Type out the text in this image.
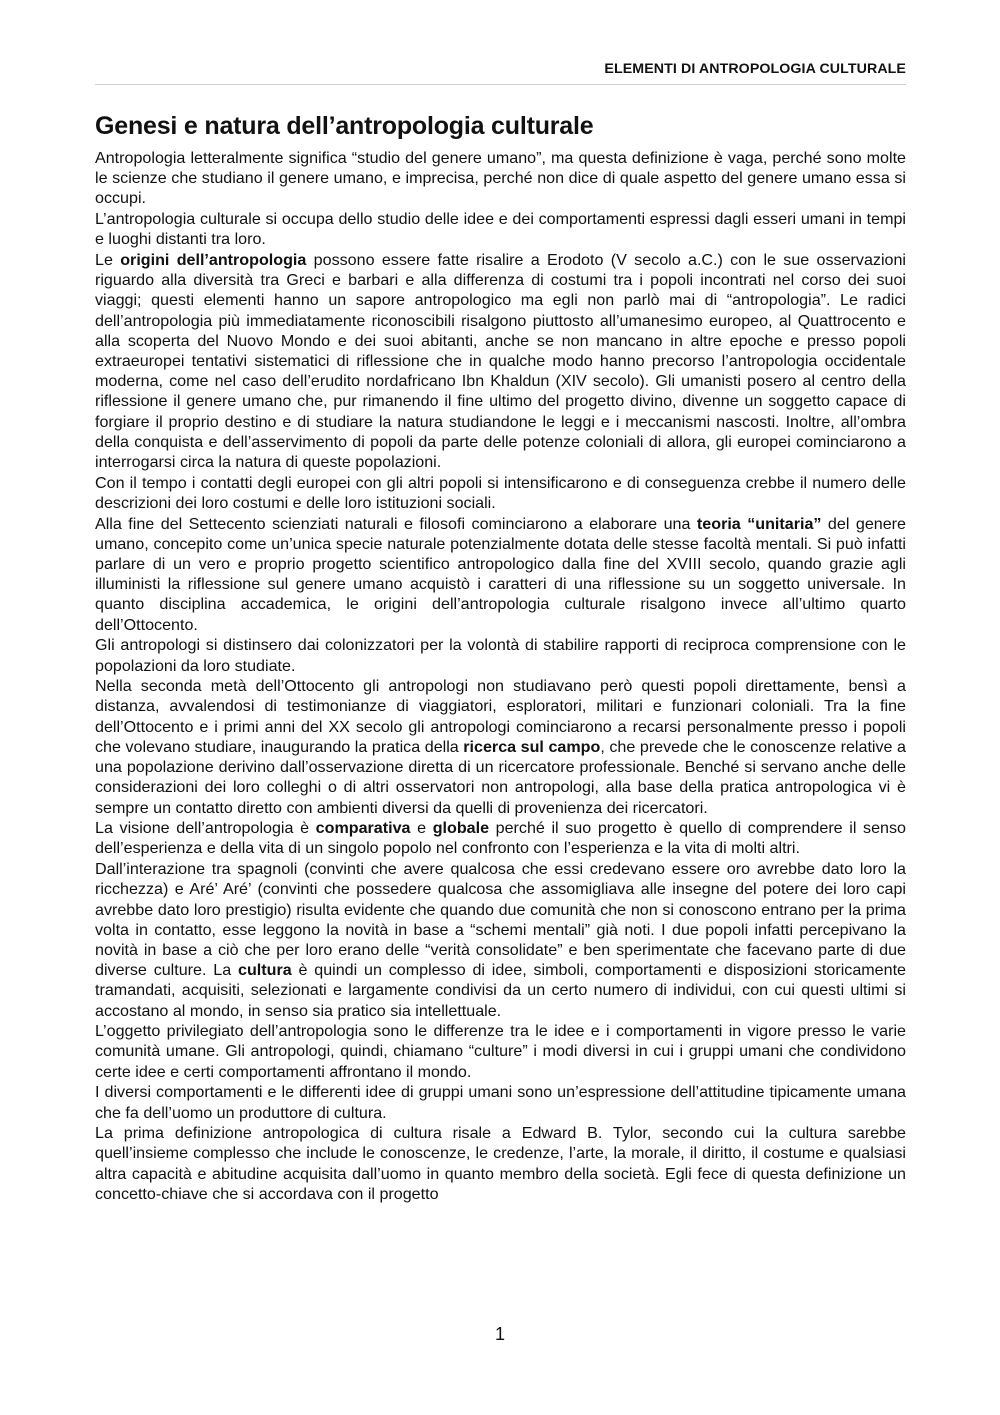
ELEMENTI DI ANTROPOLOGIA CULTURALE
Genesi e natura dell’antropologia culturale

Antropologia letteralmente significa “studio del genere umano”, ma questa definizione è vaga, perché sono molte le scienze che studiano il genere umano, e imprecisa, perché non dice di quale aspetto del genere umano essa si occupi.

L’antropologia culturale si occupa dello studio delle idee e dei comportamenti espressi dagli esseri umani in tempi e luoghi distanti tra loro.

Le origini dell’antropologia possono essere fatte risalire a Erodoto (V secolo a.C.) con le sue osservazioni riguardo alla diversità tra Greci e barbari e alla differenza di costumi tra i popoli incontrati nel corso dei suoi viaggi; questi elementi hanno un sapore antropologico ma egli non parlò mai di “antropologia”. Le radici dell’antropologia più immediatamente riconoscibili risalgono piuttosto all’umanesimo europeo, al Quattrocento e alla scoperta del Nuovo Mondo e dei suoi abitanti, anche se non mancano in altre epoche e presso popoli extraeuropei tentativi sistematici di riflessione che in qualche modo hanno precorso l’antropologia occidentale moderna, come nel caso dell’erudito nordafricano Ibn Khaldun (XIV secolo). Gli umanisti posero al centro della riflessione il genere umano che, pur rimanendo il fine ultimo del progetto divino, divenne un soggetto capace di forgiare il proprio destino e di studiare la natura studiandone le leggi e i meccanismi nascosti. Inoltre, all’ombra della conquista e dell’asservimento di popoli da parte delle potenze coloniali di allora, gli europei cominciarono a interrogarsi circa la natura di queste popolazioni.

Con il tempo i contatti degli europei con gli altri popoli si intensificarono e di conseguenza crebbe il numero delle descrizioni dei loro costumi e delle loro istituzioni sociali.

Alla fine del Settecento scienziati naturali e filosofi cominciarono a elaborare una teoria “unitaria” del genere umano, concepito come un’unica specie naturale potenzialmente dotata delle stesse facoltà mentali. Si può infatti parlare di un vero e proprio progetto scientifico antropologico dalla fine del XVIII secolo, quando grazie agli illuministi la riflessione sul genere umano acquistò i caratteri di una riflessione su un soggetto universale. In quanto disciplina accademica, le origini dell’antropologia culturale risalgono invece all’ultimo quarto dell’Ottocento.

Gli antropologi si distinsero dai colonizzatori per la volontà di stabilire rapporti di reciproca comprensione con le popolazioni da loro studiate.

Nella seconda metà dell’Ottocento gli antropologi non studiavano però questi popoli direttamente, bensì a distanza, avvalendosi di testimonianze di viaggiatori, esploratori, militari e funzionari coloniali. Tra la fine dell’Ottocento e i primi anni del XX secolo gli antropologi cominciarono a recarsi personalmente presso i popoli che volevano studiare, inaugurando la pratica della ricerca sul campo, che prevede che le conoscenze relative a una popolazione derivino dall’osservazione diretta di un ricercatore professionale. Benché si servano anche delle considerazioni dei loro colleghi o di altri osservatori non antropologi, alla base della pratica antropologica vi è sempre un contatto diretto con ambienti diversi da quelli di provenienza dei ricercatori.

La visione dell’antropologia è comparativa e globale perché il suo progetto è quello di comprendere il senso dell’esperienza e della vita di un singolo popolo nel confronto con l’esperienza e la vita di molti altri.

Dall’interazione tra spagnoli (convinti che avere qualcosa che essi credevano essere oro avrebbe dato loro la ricchezza) e Aré’ Aré’ (convinti che possedere qualcosa che assomigliava alle insegne del potere dei loro capi avrebbe dato loro prestigio) risulta evidente che quando due comunità che non si conoscono entrano per la prima volta in contatto, esse leggono la novità in base a “schemi mentali” già noti. I due popoli infatti percepivano la novità in base a ciò che per loro erano delle “verità consolidate” e ben sperimentate che facevano parte di due diverse culture. La cultura è quindi un complesso di idee, simboli, comportamenti e disposizioni storicamente tramandati, acquisiti, selezionati e largamente condivisi da un certo numero di individui, con cui questi ultimi si accostano al mondo, in senso sia pratico sia intellettuale.

L’oggetto privilegiato dell’antropologia sono le differenze tra le idee e i comportamenti in vigore presso le varie comunità umane. Gli antropologi, quindi, chiamano “culture” i modi diversi in cui i gruppi umani che condividono certe idee e certi comportamenti affrontano il mondo.

I diversi comportamenti e le differenti idee di gruppi umani sono un’espressione dell’attitudine tipicamente umana che fa dell’uomo un produttore di cultura.

La prima definizione antropologica di cultura risale a Edward B. Tylor, secondo cui la cultura sarebbe quell’insieme complesso che include le conoscenze, le credenze, l’arte, la morale, il diritto, il costume e qualsiasi altra capacità e abitudine acquisita dall’uomo in quanto membro della società. Egli fece di questa definizione un concetto-chiave che si accordava con il progetto

1
